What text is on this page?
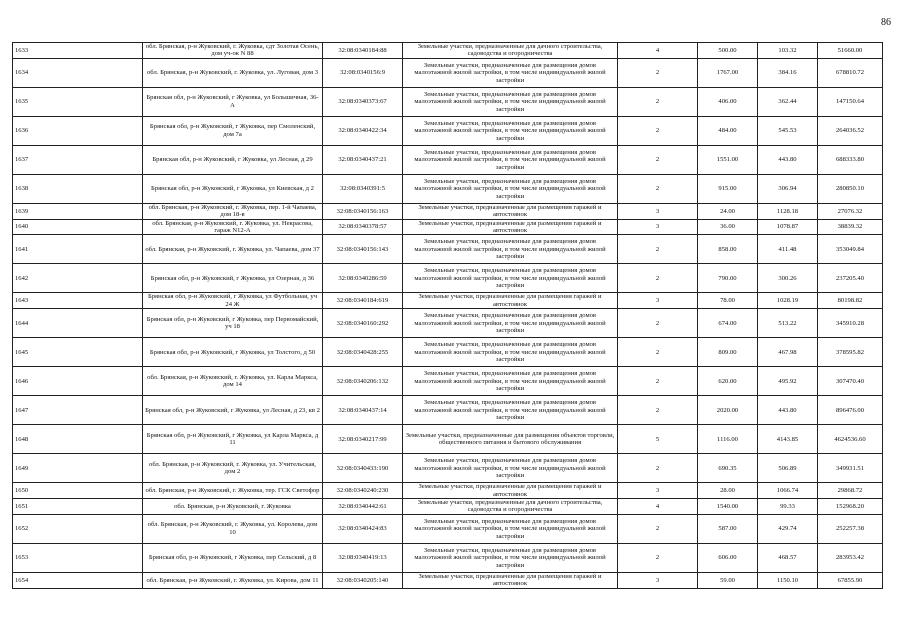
86
1633	обл. Брянская, р-н Жуковский, г. Жуковка, сдт Золотая Осень, дом уч-ок N 88	32:08:0340184:88	Земельные участки, предназначенные для дачного строительства, садоводства и огородничества	4	500.00	103.32	51660.00
1634	обл. Брянская, р-н Жуковский, г. Жуковка, ул. Луговая, дом 3	32:08:0340156:9	Земельные участки, предназначенные для размещения домов малоэтажной жилой застройки, в том числе индивидуальной жилой застройки	2	1767.00	384.16	678810.72
1635	Брянская обл, р-н Жуковский, г Жуковка, ул Большичная, 36-А	32:08:0340373:67	Земельные участки, предназначенные для размещения домов малоэтажной жилой застройки, в том числе индивидуальной жилой застройки	2	406.00	362.44	147150.64
1636	Брянская обл, р-н Жуковский, г Жуковка, пер Смоленский, дом 7а	32:08:0340422:34	Земельные участки, предназначенные для размещения домов малоэтажной жилой застройки, в том числе индивидуальной жилой застройки	2	484.00	545.53	264036.52
1637	Брянская обл, р-н Жуковский, г Жуковка, ул Лесная, д 29	32:08:0340437:21	Земельные участки, предназначенные для размещения домов малоэтажной жилой застройки, в том числе индивидуальной жилой застройки	2	1551.00	443.80	688333.80
1638	Брянская обл, р-н Жуковский, г Жуковка, ул Киевская, д 2	32:08:0340391:5	Земельные участки, предназначенные для размещения домов малоэтажной жилой застройки, в том числе индивидуальной жилой застройки	2	915.00	306.94	280850.10
1639	обл. Брянская, р-н Жуковский, г. Жуковка, пер. 1-й Чапаева, дом 18-в	32:08:0340156:163	Земельные участки, предназначенные для размещения гаражей и автостоянок	3	24.00	1128.18	27076.32
1640	обл. Брянская, р-н Жуковский, г. Жуковка, ул. Некрасова, гараж N12-А	32:08:0340378:57	Земельные участки, предназначенные для размещения гаражей и автостоянок	3	36.00	1078.87	38839.32
1641	обл. Брянская, р-н Жуковский, г. Жуковка, ул. Чапаева, дом 37	32:08:0340156:143	Земельные участки, предназначенные для размещения домов малоэтажной жилой застройки, в том числе индивидуальной жилой застройки	2	858.00	411.48	353049.84
1642	Брянская обл, р-н Жуковский, г Жуковка, ул Озерная, д 36	32:08:0340286:59	Земельные участки, предназначенные для размещения домов малоэтажной жилой застройки, в том числе индивидуальной жилой застройки	2	790.00	300.26	237205.40
1643	Брянская обл, р-н Жуковский, г Жуковка, ул Футбольная, уч 24 Ж	32:08:0340184:619	Земельные участки, предназначенные для размещения гаражей и автостоянок	3	78.00	1028.19	80198.82
1644	Брянская обл, р-н Жуковский, г Жуковка, пер Первомайский, уч 18	32:08:0340160:292	Земельные участки, предназначенные для размещения домов малоэтажной жилой застройки, в том числе индивидуальной жилой застройки	2	674.00	513.22	345910.28
1645	Брянская обл, р-н Жуковский, г Жуковка, ул Толстого, д 50	32:08:0340428:255	Земельные участки, предназначенные для размещения домов малоэтажной жилой застройки, в том числе индивидуальной жилой застройки	2	809.00	467.98	378595.82
1646	обл. Брянская, р-н Жуковский, г. Жуковка, ул. Карла Маркса, дом 14	32:08:0340206:132	Земельные участки, предназначенные для размещения домов малоэтажной жилой застройки, в том числе индивидуальной жилой застройки	2	620.00	495.92	307470.40
1647	Брянская обл, р-н Жуковский, г Жуковка, ул Лесная, д 23, кв 2	32:08:0340437:14	Земельные участки, предназначенные для размещения домов малоэтажной жилой застройки, в том числе индивидуальной жилой застройки	2	2020.00	443.80	896476.00
1648	Брянская обл, р-н Жуковский, г Жуковка, ул Карла Маркса, д 11	32:08:0340217:99	Земельные участки, предназначенные для размещения объектов торговли, общественного питания и бытового обслуживания	5	1116.00	4143.85	4624536.60
1649	обл. Брянская, р-н Жуковский, г. Жуковка, ул. Учительская, дом 2	32:08:0340433:190	Земельные участки, предназначенные для размещения домов малоэтажной жилой застройки, в том числе индивидуальной жилой застройки	2	690.35	506.89	349931.51
1650	обл. Брянская, р-н Жуковский, г. Жуковка, тер. ГСК Светофор	32:08:0340240:230	Земельные участки, предназначенные для размещения гаражей и автостоянок	3	28.00	1066.74	29868.72
1651	обл. Брянская, р-н Жуковский, г. Жуковка	32:08:0340442:61	Земельные участки, предназначенные для дачного строительства, садоводства и огородничества	4	1540.00	99.33	152968.20
1652	обл. Брянская, р-н Жуковский, г. Жуковка, ул. Королева, дом 10	32:08:0340424:83	Земельные участки, предназначенные для размещения домов малоэтажной жилой застройки, в том числе индивидуальной жилой застройки	2	587.00	429.74	252257.38
1653	Брянская обл, р-н Жуковский, г Жуковка, пер Сельский, д 8	32:08:0340419:13	Земельные участки, предназначенные для размещения домов малоэтажной жилой застройки, в том числе индивидуальной жилой застройки	2	606.00	468.57	283953.42
1654	обл. Брянская, р-н Жуковский, г. Жуковка, ул. Кирова, дом 11	32:08:0340205:140	Земельные участки, предназначенные для размещения гаражей и автостоянок	3	59.00	1150.10	67855.90
